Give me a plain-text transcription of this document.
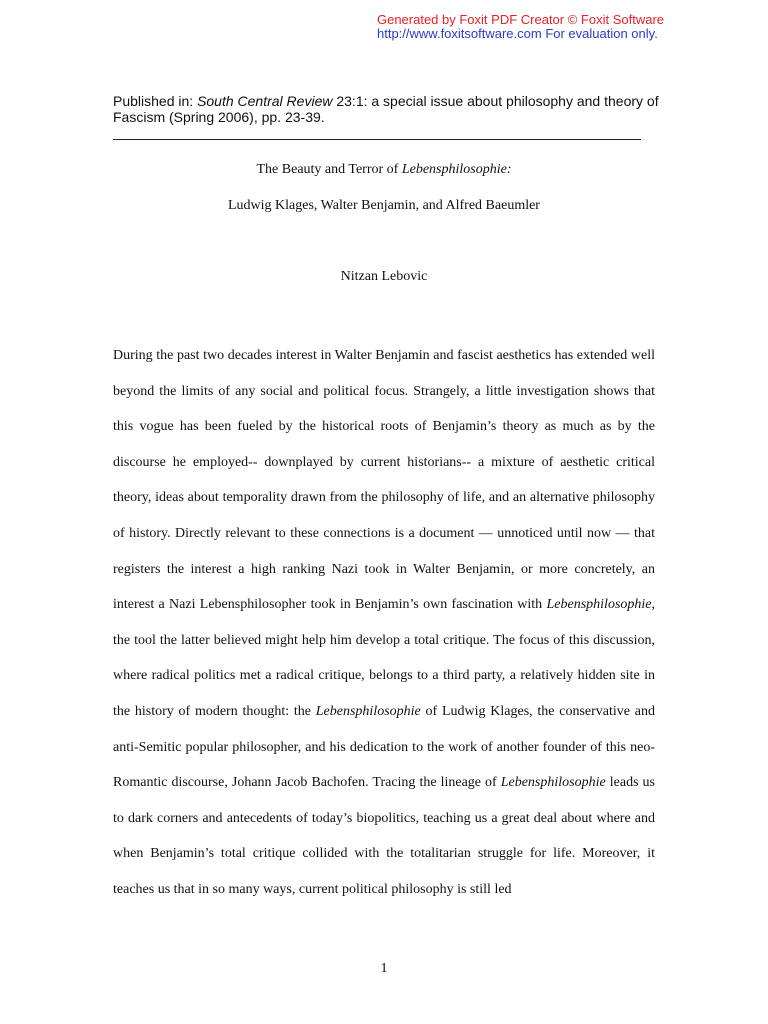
Generated by Foxit PDF Creator © Foxit Software
http://www.foxitsoftware.com For evaluation only.
Published in: South Central Review 23:1: a special issue about philosophy and theory of Fascism (Spring 2006), pp. 23-39.
The Beauty and Terror of Lebensphilosophie:
Ludwig Klages, Walter Benjamin, and Alfred Baeumler
Nitzan Lebovic
During the past two decades interest in Walter Benjamin and fascist aesthetics has extended well beyond the limits of any social and political focus. Strangely, a little investigation shows that this vogue has been fueled by the historical roots of Benjamin’s theory as much as by the discourse he employed-- downplayed by current historians-- a mixture of aesthetic critical theory, ideas about temporality drawn from the philosophy of life, and an alternative philosophy of history. Directly relevant to these connections is a document — unnoticed until now — that registers the interest a high ranking Nazi took in Walter Benjamin, or more concretely, an interest a Nazi Lebensphilosopher took in Benjamin’s own fascination with Lebensphilosophie, the tool the latter believed might help him develop a total critique. The focus of this discussion, where radical politics met a radical critique, belongs to a third party, a relatively hidden site in the history of modern thought: the Lebensphilosophie of Ludwig Klages, the conservative and anti-Semitic popular philosopher, and his dedication to the work of another founder of this neo-Romantic discourse, Johann Jacob Bachofen. Tracing the lineage of Lebensphilosophie leads us to dark corners and antecedents of today’s biopolitics, teaching us a great deal about where and when Benjamin’s total critique collided with the totalitarian struggle for life. Moreover, it teaches us that in so many ways, current political philosophy is still led
1
